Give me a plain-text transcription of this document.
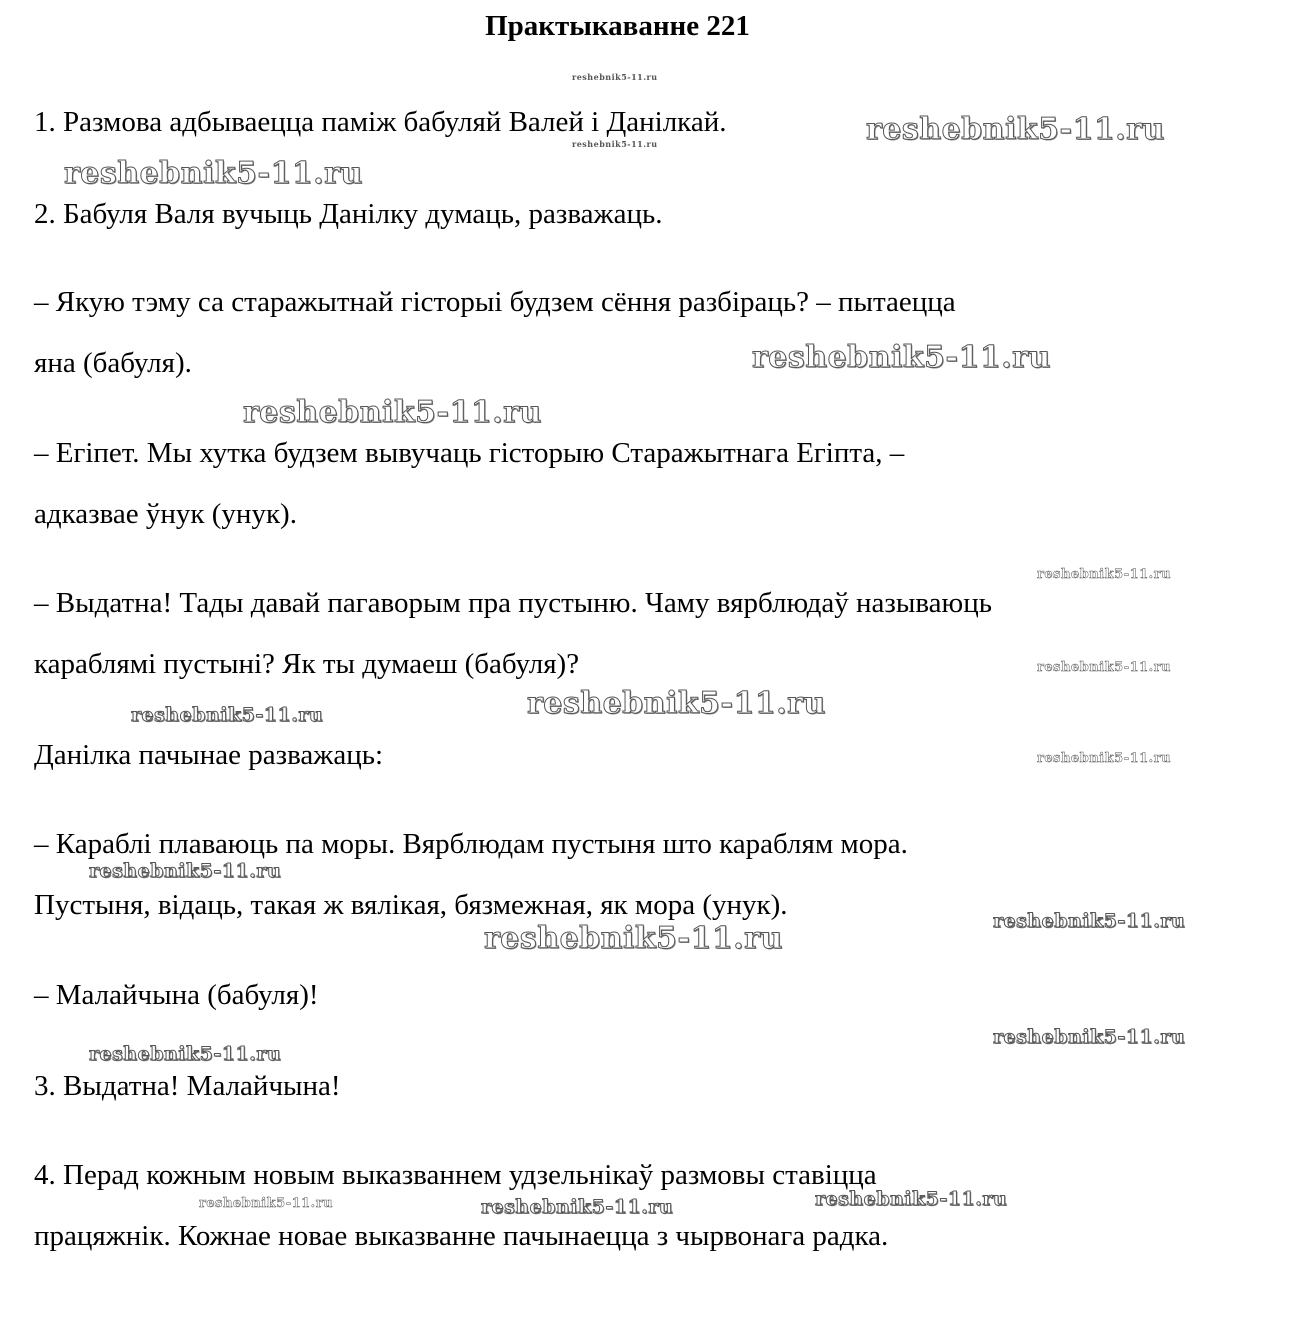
Практыкаванне 221
1. Размова адбываецца паміж бабуляй Валей і Данілкай.
2. Бабуля Валя вучыць Данілку думаць, разважаць.
– Якую тэму са старажытнай гісторыі будзем сёння разбіраць? – пытаецца
яна (бабуля).
– Егіпет. Мы хутка будзем вывучаць гісторыю Старажытнага Егіпта, –
адказвае ўнук (унук).
– Выдатна! Тады давай пагаворым пра пустыню. Чаму вярблюдаў называюць
караблямі пустыні? Як ты думаеш (бабуля)?
Данілка пачынае разважаць:
– Караблі плаваюць па моры. Вярблюдам пустыня што караблям мора.
Пустыня, відаць, такая ж вялікая, бязмежная, як мора (унук).
– Малайчына (бабуля)!
3. Выдатна! Малайчына!
4. Перад кожным новым выказваннем удзельнікаў размовы ставіцца
працяжнік. Кожнае новае выказванне пачынаецца з чырвонага радка.
reshebnik5-11.ru
reshebnik5-11.ru	reshebnik5-11.ru
reshebnik5-11.ru
reshebnik5-11.ru
reshebnik5-11.ru
reshebnik5-11.ru
reshebnik5-11.ru
reshebnik5-11.ru
reshebnik5-11.ru
reshebnik5-11.ru
reshebnik5-11.ru
reshebnik5-11.ru	reshebnik5-11.ru
reshebnik5-11.ru
reshebnik5-11.ru
reshebnik5-11.ru
reshebnik5-11.ru	reshebnik5-11.ru
